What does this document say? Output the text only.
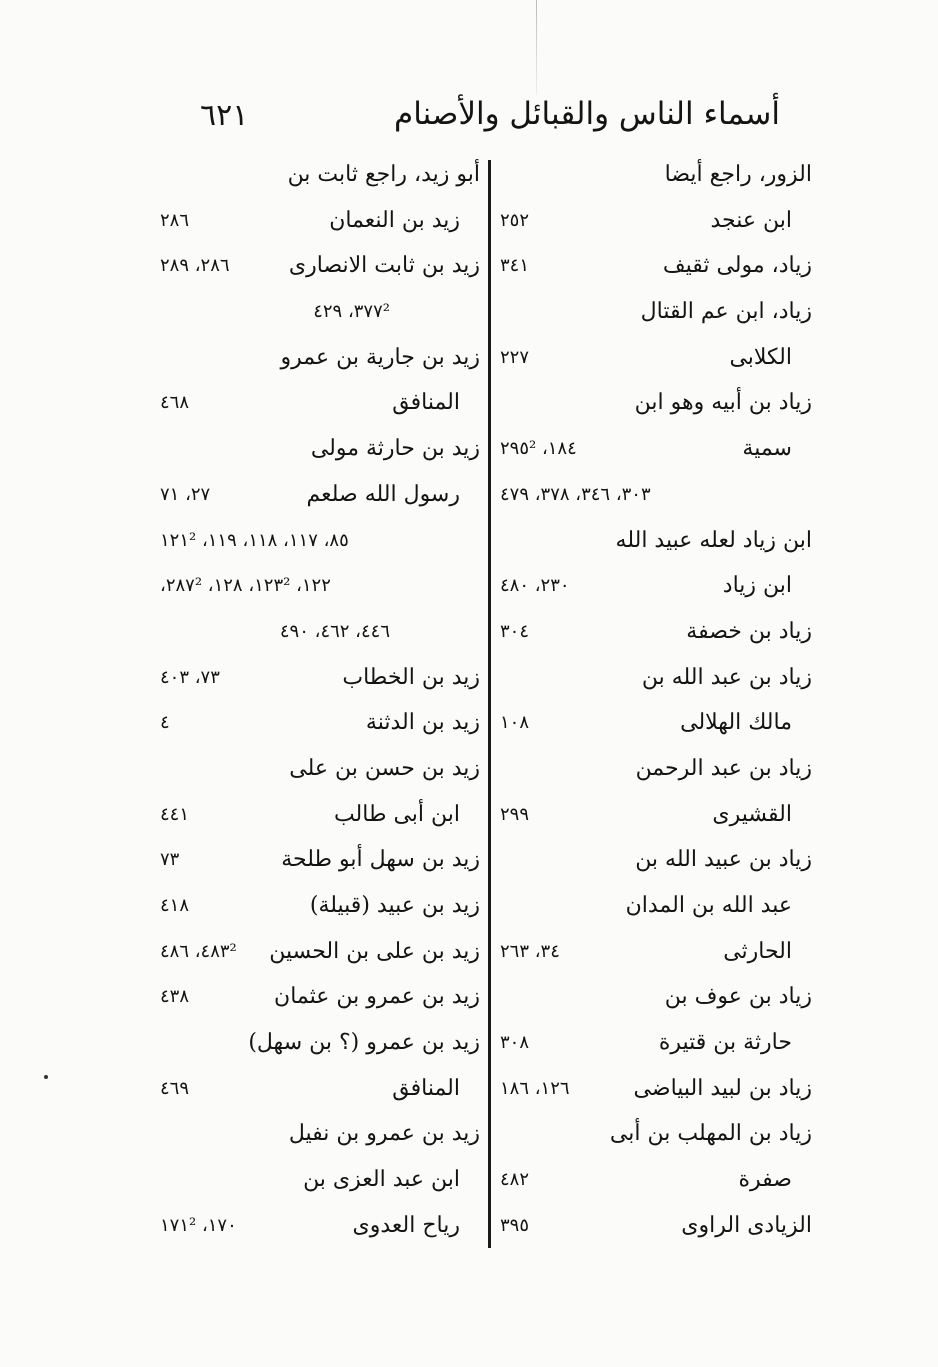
أسماء الناس والقبائل والأصنام
٦٢١
الزور، راجع أيضا
ابن عنجد
٢٥٢
زياد، مولى ثقيف
٣٤١
زياد، ابن عم القتال
الكلابى
٢٢٧
زياد بن أبيه وهو ابن
سمية
١٨٤، ٢٩٥²
٣٠٣، ٣٤٦، ٣٧٨، ٤٧٩
ابن زياد لعله عبيد الله
ابن زياد
٢٣٠، ٤٨٠
زياد بن خصفة
٣٠٤
زياد بن عبد الله بن
مالك الهلالى
١٠٨
زياد بن عبد الرحمن
القشيرى
٢٩٩
زياد بن عبيد الله بن
عبد الله بن المدان
الحارثى
٣٤، ٢٦٣
زياد بن عوف بن
حارثة بن قتيرة
٣٠٨
زياد بن لبيد البياضى
١٢٦، ١٨٦
زياد بن المهلب بن أبى
صفرة
٤٨٢
الزيادى الراوى
٣٩٥
أبو زيد، راجع ثابت بن
زيد بن النعمان
٢٨٦
زيد بن ثابت الانصارى
٢٨٦، ٢٨٩
٣٧٧²، ٤٢٩
زيد بن جارية بن عمرو
المنافق
٤٦٨
زيد بن حارثة مولى
رسول الله صلعم
٢٧، ٧١
٨٥، ١١٧، ١١٨، ١١٩، ١٢١²
١٢٢، ١٢٣²، ١٢٨، ٢٨٧²،
٤٤٦، ٤٦٢، ٤٩٠
زيد بن الخطاب
٧٣، ٤٠٣
زيد بن الدثنة
٤
زيد بن حسن بن على
ابن أبى طالب
٤٤١
زيد بن سهل أبو طلحة
٧٣
زيد بن عبيد (قبيلة)
٤١٨
زيد بن على بن الحسين
٤٨٣²، ٤٨٦
زيد بن عمرو بن عثمان
٤٣٨
زيد بن عمرو (؟ بن سهل)
المنافق
٤٦٩
زيد بن عمرو بن نفيل
ابن عبد العزى بن
رياح العدوى
١٧٠، ١٧١²
